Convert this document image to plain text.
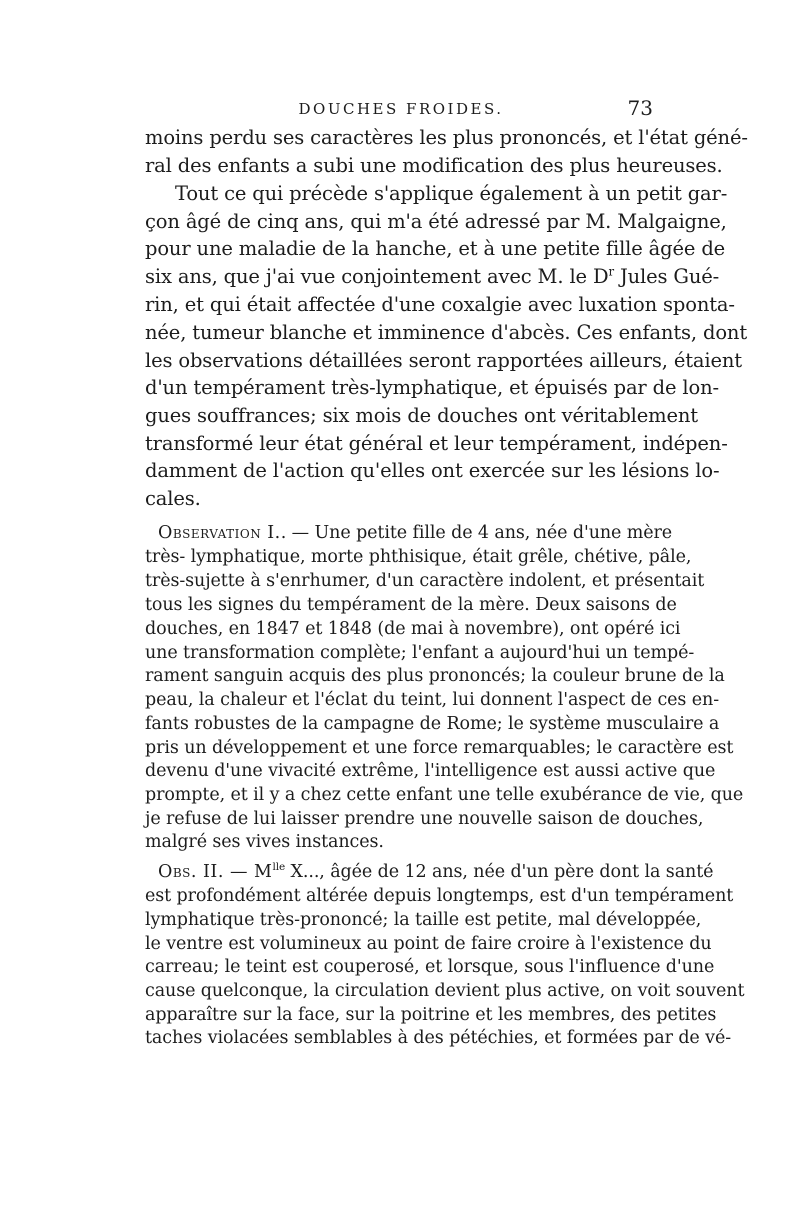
DOUCHES FROIDES.	73
moins perdu ses caractères les plus prononcés, et l'état géné-
ral des enfants a subi une modification des plus heureuses.
Tout ce qui précède s'applique également à un petit gar-
çon âgé de cinq ans, qui m'a été adressé par M. Malgaigne,
pour une maladie de la hanche, et à une petite fille âgée de
six ans, que j'ai vue conjointement avec M. le $D^r$ Jules Gué-
rin, et qui était affectée d'une coxalgie avec luxation sponta-
née, tumeur blanche et imminence d'abcès. Ces enfants, dont
les observations détaillées seront rapportées ailleurs, étaient
d'un tempérament très-lymphatique, et épuisés par de lon-
gues souffrances; six mois de douches ont véritablement
transformé leur état général et leur tempérament, indépen-
damment de l'action qu'elles ont exercée sur les lésions lo-
cales.
Observation I.. — Une petite fille de 4 ans, née d'une mère
très- lymphatique, morte phthisique, était grêle, chétive, pâle,
très-sujette à s'enrhumer, d'un caractère indolent, et présentait
tous les signes du tempérament de la mère. Deux saisons de
douches, en 1847 et 1848 (de mai à novembre), ont opéré ici
une transformation complète; l'enfant a aujourd'hui un tempé-
rament sanguin acquis des plus prononcés; la couleur brune de la
peau, la chaleur et l'éclat du teint, lui donnent l'aspect de ces en-
fants robustes de la campagne de Rome; le système musculaire a
pris un développement et une force remarquables; le caractère est
devenu d'une vivacité extrême, l'intelligence est aussi active que
prompte, et il y a chez cette enfant une telle exubérance de vie, que
je refuse de lui laisser prendre une nouvelle saison de douches,
malgré ses vives instances.
Obs. II. — $M^{lle}$ X..., âgée de 12 ans, née d'un père dont la santé
est profondément altérée depuis longtemps, est d'un tempérament
lymphatique très-prononcé; la taille est petite, mal développée,
le ventre est volumineux au point de faire croire à l'existence du
carreau; le teint est couperosé, et lorsque, sous l'influence d'une
cause quelconque, la circulation devient plus active, on voit souvent
apparaître sur la face, sur la poitrine et les membres, des petites
taches violacées semblables à des pétéchies, et formées par de vé-
